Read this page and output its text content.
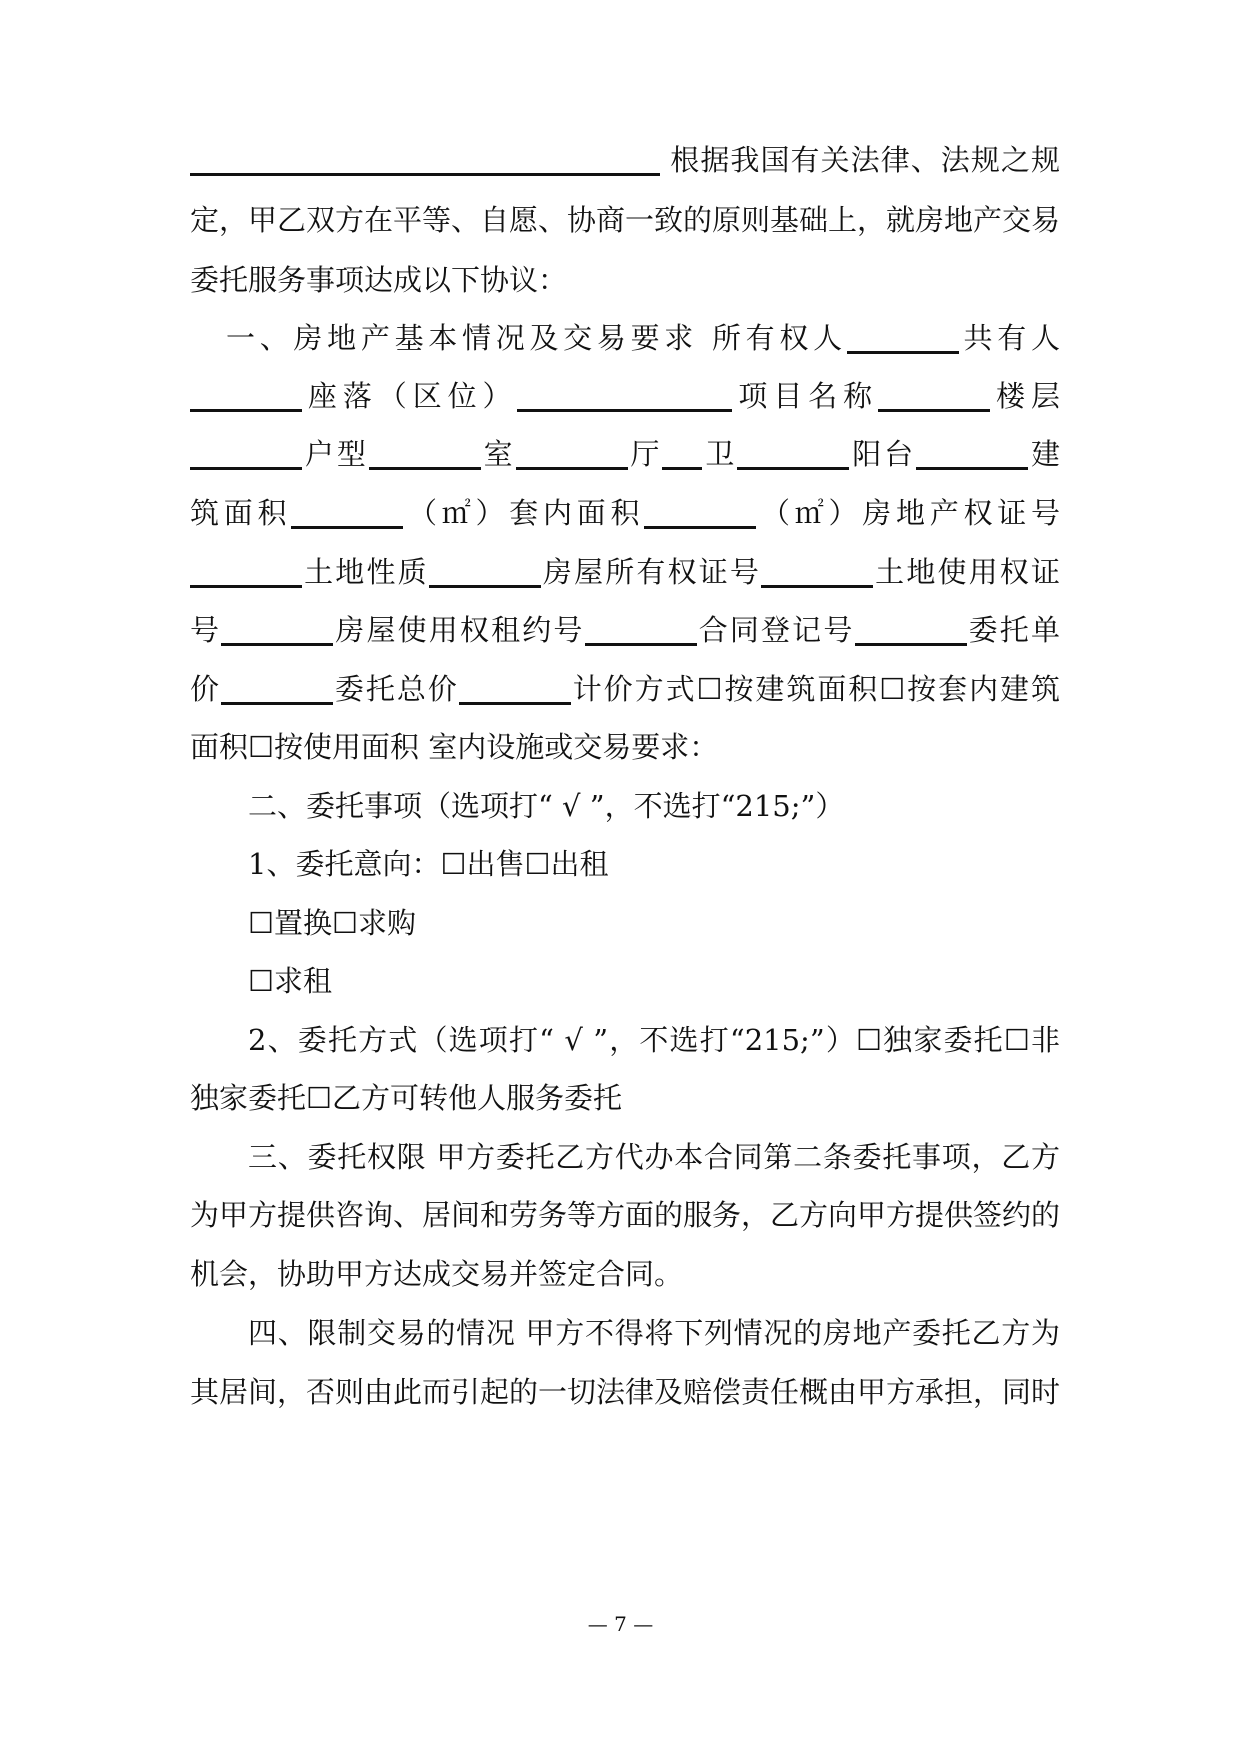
根据我国有关法律、法规之规
定，甲乙双方在平等、自愿、协商一致的原则基础上，就房地产交易
委托服务事项达成以下协议：
一、房地产基本情况及交易要求 所有权人	共有人
座落（区位）	项目名称	楼层
户型	室	厅 卫	阳台	建
筑面积	（㎡）套内面积	（㎡）房地产权证号
土地性质	房屋所有权证号	土地使用权证
号	房屋使用权租约号	合同登记号	委托单
价	委托总价	计价方式☐按建筑面积☐按套内建筑
面积☐按使用面积 室内设施或交易要求：
二、委托事项（选项打“ √ ”，不选打“215;”）
1、委托意向：☐出售☐出租
☐置换☐求购
☐求租
2、委托方式（选项打“ √ ”，不选打“215;”）☐独家委托☐非
独家委托☐乙方可转他人服务委托
三、委托权限 甲方委托乙方代办本合同第二条委托事项，乙方
为甲方提供咨询、居间和劳务等方面的服务，乙方向甲方提供签约的
机会，协助甲方达成交易并签定合同。
四、限制交易的情况 甲方不得将下列情况的房地产委托乙方为
其居间，否则由此而引起的一切法律及赔偿责任概由甲方承担，同时
— 7 —
